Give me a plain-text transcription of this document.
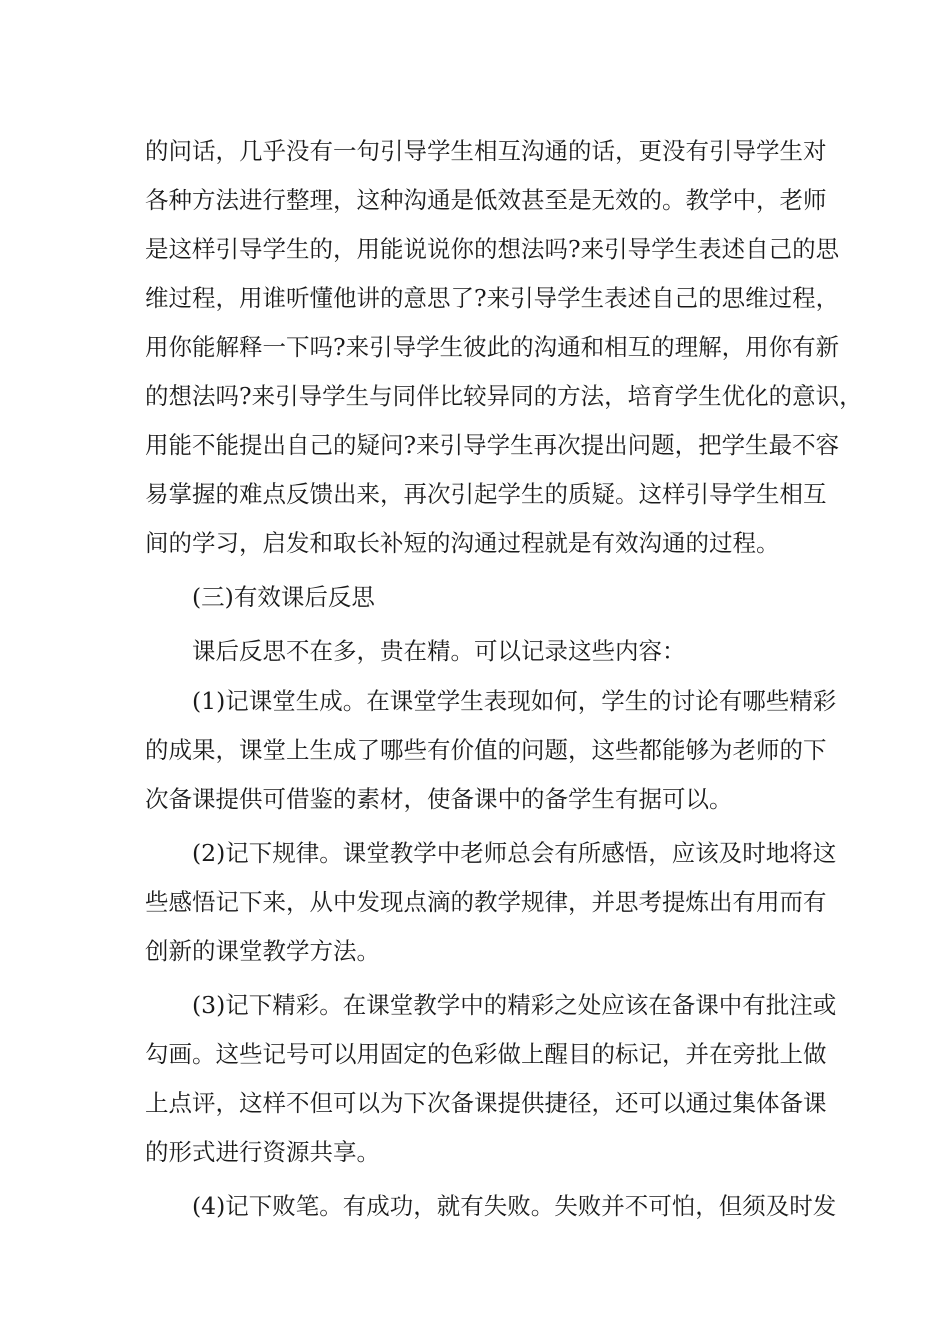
的问话，几乎没有一句引导学生相互沟通的话，更没有引导学生对
各种方法进行整理，这种沟通是低效甚至是无效的。教学中，老师
是这样引导学生的，用能说说你的想法吗?来引导学生表述自己的思
维过程，用谁听懂他讲的意思了?来引导学生表述自己的思维过程，
用你能解释一下吗?来引导学生彼此的沟通和相互的理解，用你有新
的想法吗?来引导学生与同伴比较异同的方法，培育学生优化的意识，
用能不能提出自己的疑问?来引导学生再次提出问题，把学生最不容
易掌握的难点反馈出来，再次引起学生的质疑。这样引导学生相互
间的学习，启发和取长补短的沟通过程就是有效沟通的过程。
(三)有效课后反思
课后反思不在多，贵在精。可以记录这些内容：
(1)记课堂生成。在课堂学生表现如何，学生的讨论有哪些精彩
的成果，课堂上生成了哪些有价值的问题，这些都能够为老师的下
次备课提供可借鉴的素材，使备课中的备学生有据可以。
(2)记下规律。课堂教学中老师总会有所感悟，应该及时地将这
些感悟记下来，从中发现点滴的教学规律，并思考提炼出有用而有
创新的课堂教学方法。
(3)记下精彩。在课堂教学中的精彩之处应该在备课中有批注或
勾画。这些记号可以用固定的色彩做上醒目的标记，并在旁批上做
上点评，这样不但可以为下次备课提供捷径，还可以通过集体备课
的形式进行资源共享。
(4)记下败笔。有成功，就有失败。失败并不可怕，但须及时发
